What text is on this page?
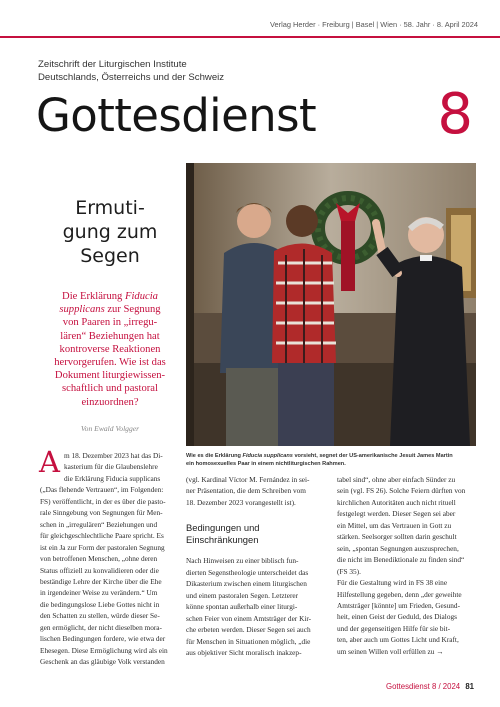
Verlag Herder · Freiburg | Basel | Wien · 58. Jahr · 8. April 2024
Zeitschrift der Liturgischen Institute
Deutschlands, Österreichs und der Schweiz
Gottesdienst 8
Wie es die Erklärung Fiducia supplicans vorsieht, segnet der US-amerikanische Jesuit James Martin
ein homosexuelles Paar in einem nichtliturgischen Rahmen.
Ermuti-
gung zum
Segen
Die Erklärung Fiducia
supplicans zur Segnung
von Paaren in „irregu-
lären“ Beziehungen hat
kontroverse Reaktionen
hervorgerufen. Wie ist das
Dokument liturgiewissen-
schaftlich und pastoral
einzuordnen?
Von Ewald Volgger
A m 18. Dezember 2023 hat das Di-

kasterium für die Glaubenslehre

die Erklärung Fiducia supplicans

(„Das flehende Vertrauen“, im Folgenden:

FS) veröffentlicht, in der es über die pasto-

rale Sinngebung von Segnungen für Men-

schen in „irregulären“ Beziehungen und

für gleichgeschlechtliche Paare spricht. Es

ist ein Ja zur Form der pastoralen Segnung

von betroffenen Menschen, „ohne deren

Status offiziell zu konvalidieren oder die

beständige Lehre der Kirche über die Ehe

in irgendeiner Weise zu verändern.“ Um

die bedingungslose Liebe Gottes nicht in

den Schatten zu stellen, würde dieser Se-

gen ermöglicht, der nicht dieselben mora-

lischen Bedingungen fordere, wie etwa der

Ehesegen. Diese Ermöglichung wird als ein

Geschenk an das gläubige Volk verstanden

(vgl. Kardinal Víctor M. Fernández in sei-

ner Präsentation, die dem Schreiben vom

18. Dezember 2023 vorangestellt ist).

Bedingungen und Einschränkungen

Nach Hinweisen zu einer biblisch fun-

dierten Segenstheologie unterscheidet das

Dikasterium zwischen einem liturgischen

und einem pastoralen Segen. Letzterer

könne spontan außerhalb einer liturgi-

schen Feier von einem Amtsträger der Kir-

che erbeten werden. Dieser Segen sei auch

für Menschen in Situationen möglich, „die

aus objektiver Sicht moralisch inakzep-

tabel sind“, ohne aber einfach Sünder zu

sein (vgl. FS 26). Solche Feiern dürften von

kirchlichen Autoritäten auch nicht rituell

festgelegt werden. Dieser Segen sei aber

ein Mittel, um das Vertrauen in Gott zu

stärken. Seelsorger sollten darin geschult

sein, „spontan Segnungen auszusprechen,

die nicht im Benediktionale zu finden sind“

(FS 35).

Für die Gestaltung wird in FS 38 eine

Hilfestellung gegeben, denn „der geweihte

Amtsträger [könnte] um Frieden, Gesund-

heit, einen Geist der Geduld, des Dialogs

und der gegenseitigen Hilfe für sie bit-

ten, aber auch um Gottes Licht und Kraft,

um seinen Willen voll erfüllen zu →

Gottesdienst 8 / 2024 81
